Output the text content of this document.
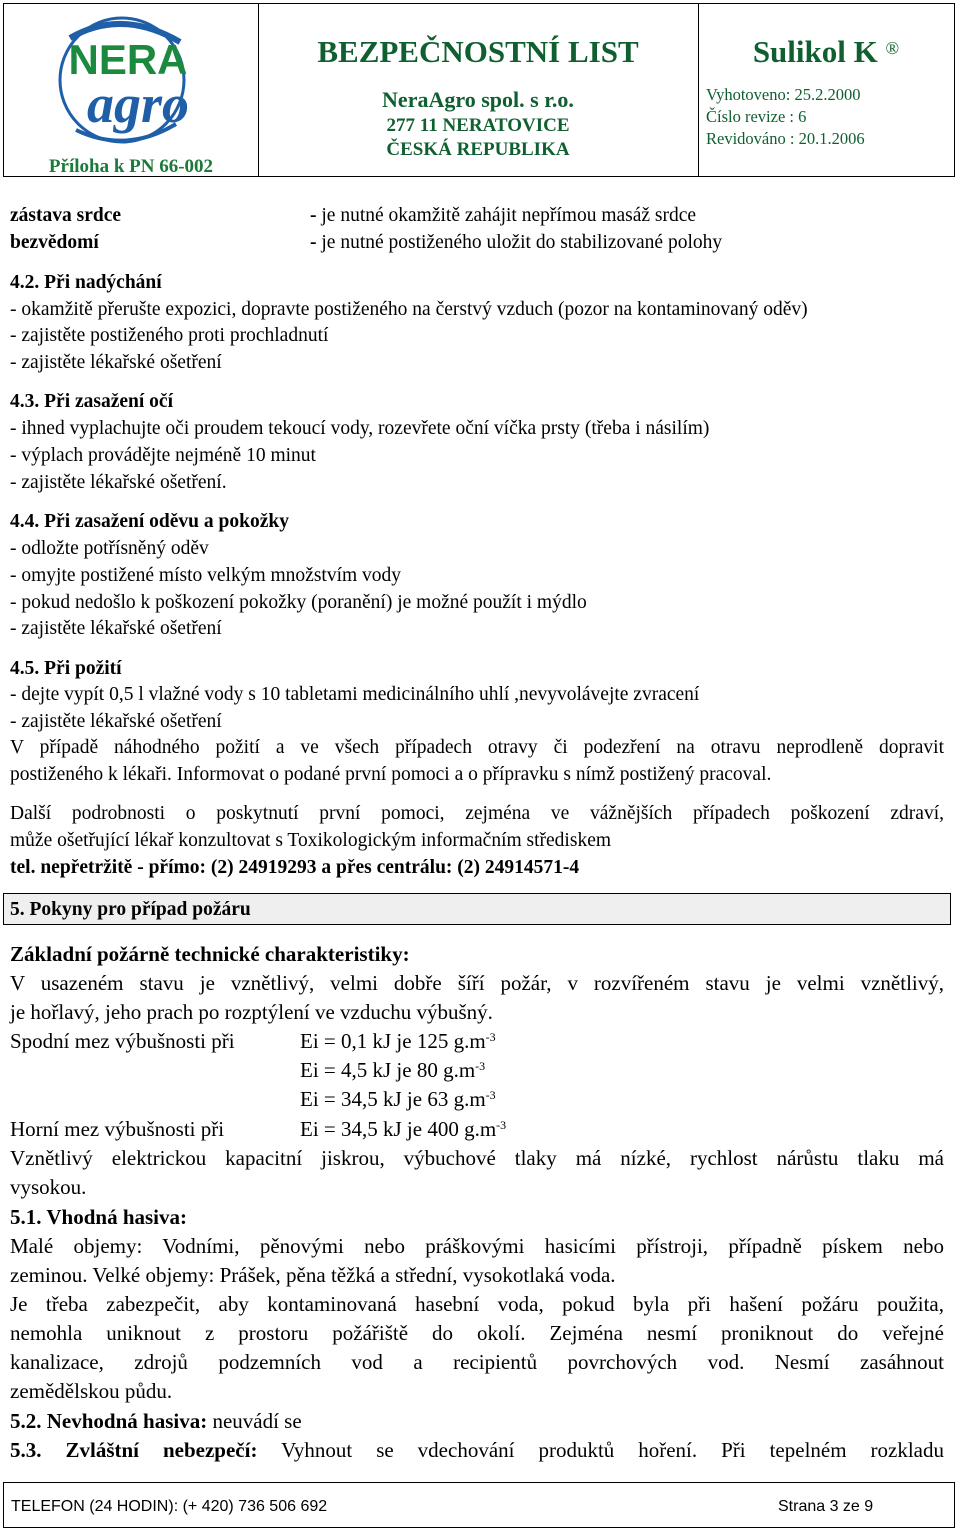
NERA
agro
Příloha k PN 66-002
BEZPEČNOSTNÍ LIST
NeraAgro spol. s r.o.
277 11 NERATOVICE
ČESKÁ REPUBLIKA
Sulikol K ®
Vyhotoveno: 25.2.2000
Číslo revize : 6
Revidováno : 20.1.2006
zástava srdce	- je nutné okamžitě zahájit nepřímou masáž srdce
bezvědomí	- je nutné postiženého uložit do stabilizované polohy
4.2. Při nadýchání
- okamžitě přerušte expozici, dopravte postiženého na čerstvý vzduch (pozor na kontaminovaný oděv)
- zajistěte postiženého proti prochladnutí
- zajistěte lékařské ošetření
4.3. Při zasažení očí
- ihned vyplachujte oči proudem tekoucí vody, rozevřete oční víčka prsty (třeba i násilím)
- výplach provádějte nejméně 10 minut
- zajistěte lékařské ošetření.
4.4. Při zasažení oděvu a pokožky
- odložte potřísněný oděv
- omyjte postižené místo velkým množstvím vody
- pokud nedošlo k poškození pokožky (poranění) je možné použít i mýdlo
- zajistěte lékařské ošetření
4.5. Při požití
- dejte vypít 0,5 l vlažné vody s 10 tabletami medicinálního uhlí ,nevyvolávejte zvracení
- zajistěte lékařské ošetření
V případě náhodného požití a ve všech případech otravy či podezření na otravu neprodleně dopravit
postiženého k lékaři. Informovat o podané první pomoci a o přípravku s nímž postižený pracoval.
Další podrobnosti o poskytnutí první pomoci, zejména ve vážnějších případech poškození zdraví,
může ošetřující lékař konzultovat s Toxikologickým informačním střediskem
tel. nepřetržitě - přímo: (2) 24919293 a přes centrálu: (2) 24914571-4
5. Pokyny pro případ požáru
Základní požárně technické charakteristiky:
V usazeném stavu je vznětlivý, velmi dobře šíří požár, v rozvířeném stavu je velmi vznětlivý,
je hořlavý, jeho prach po rozptýlení ve vzduchu výbušný.
Spodní mez výbušnosti při	Ei = 0,1 kJ je 125 $g.m^{-3}$
Ei = 4,5 kJ je 80 $g.m^{-3}$
Ei = 34,5 kJ je 63 $g.m^{-3}$
Horní mez výbušnosti při	Ei = 34,5 kJ je 400 $g.m^{-3}$
Vznětlivý elektrickou kapacitní jiskrou, výbuchové tlaky má nízké, rychlost nárůstu tlaku má
vysokou.
5.1. Vhodná hasiva:
Malé objemy: Vodními, pěnovými nebo práškovými hasicími přístroji, případně pískem nebo
zeminou. Velké objemy: Prášek, pěna těžká a střední, vysokotlaká voda.
Je třeba zabezpečit, aby kontaminovaná hasební voda, pokud byla při hašení požáru použita,
nemohla uniknout z prostoru požářiště do okolí. Zejména nesmí proniknout do veřejné
kanalizace, zdrojů podzemních vod a recipientů povrchových vod. Nesmí zasáhnout
zemědělskou půdu.
5.2. Nevhodná hasiva: neuvádí se
5.3. Zvláštní nebezpečí: Vyhnout se vdechování produktů hoření. Při tepelném rozkladu
TELEFON (24 HODIN): (+ 420) 736 506 692	Strana 3 ze 9
